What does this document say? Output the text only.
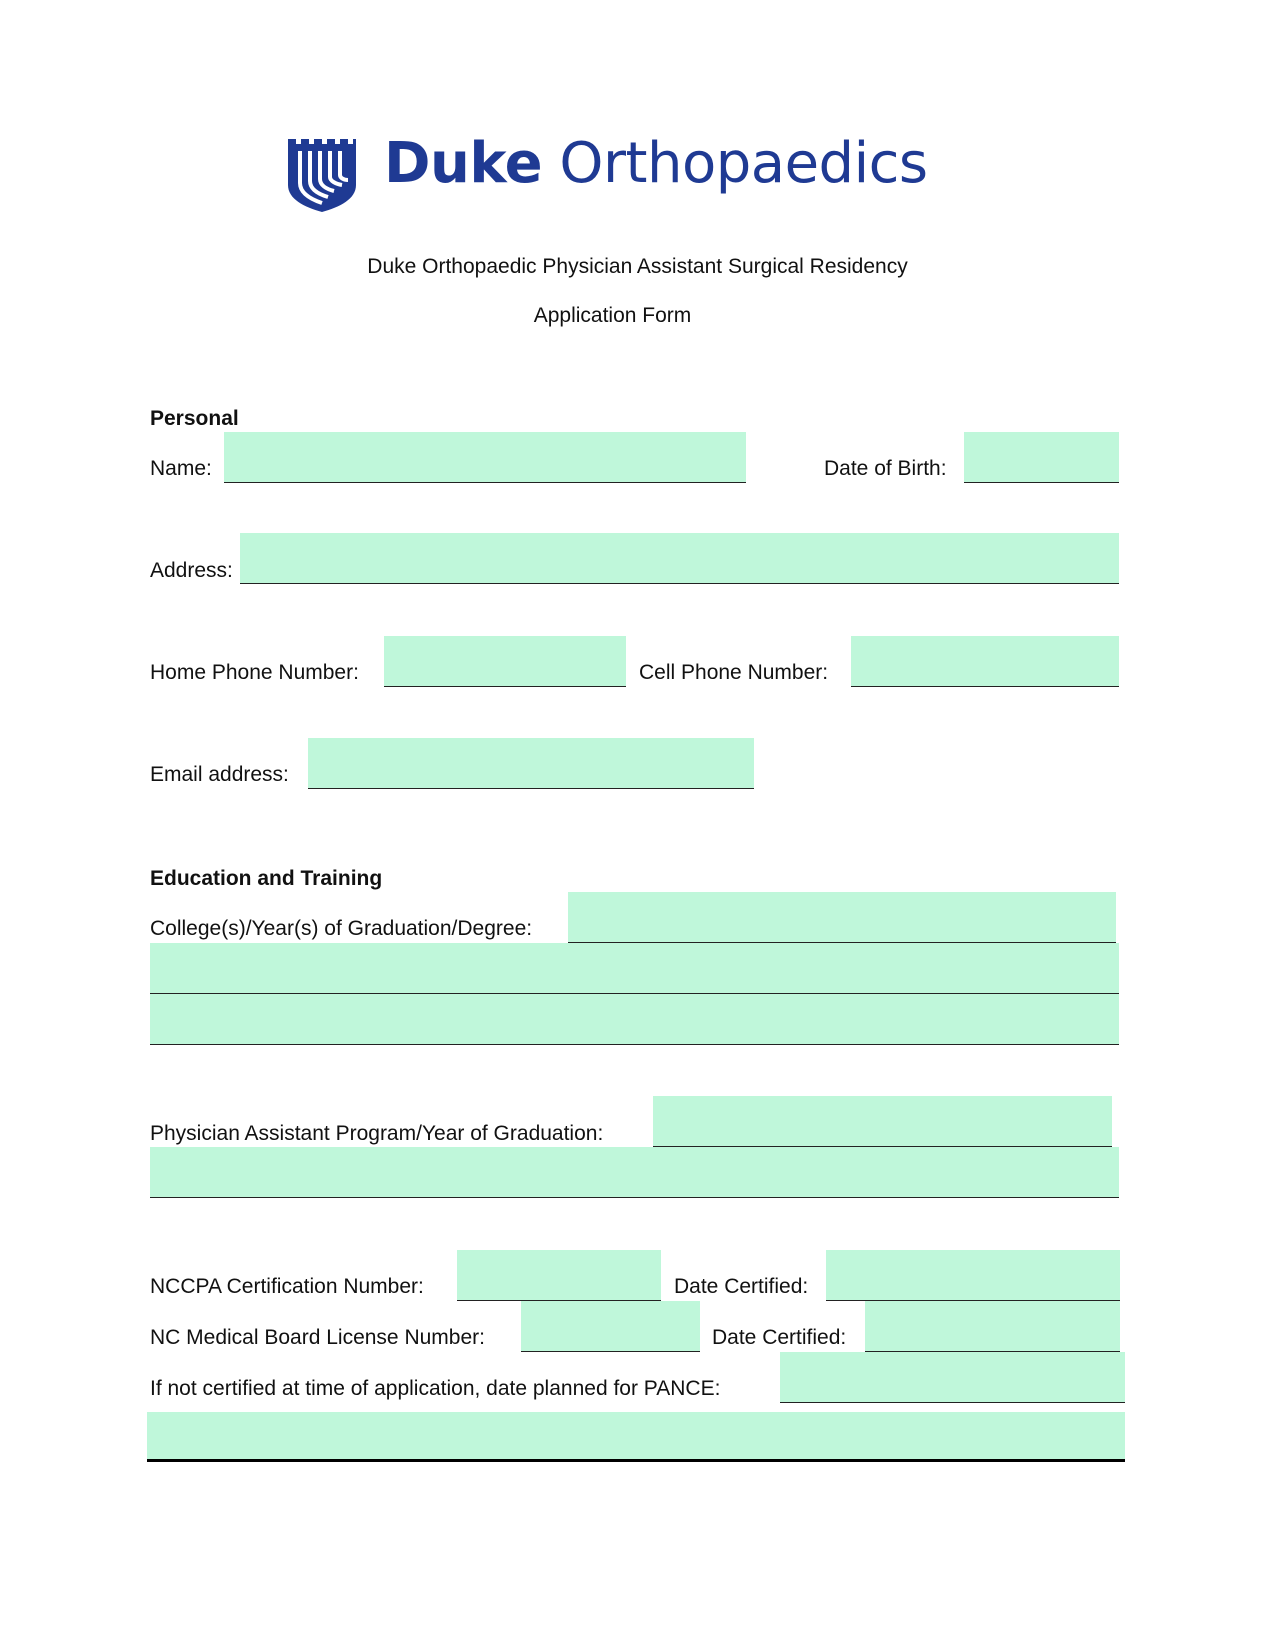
Duke Orthopaedics
Duke Orthopaedic Physician Assistant Surgical Residency
Application Form
Personal
Name:	Date of Birth:
Address:
Home Phone Number:	Cell Phone Number:
Email address:
Education and Training
College(s)/Year(s) of Graduation/Degree:
Physician Assistant Program/Year of Graduation:
NCCPA Certification Number:	Date Certified:
NC Medical Board License Number:	Date Certified:
If not certified at time of application, date planned for PANCE:
